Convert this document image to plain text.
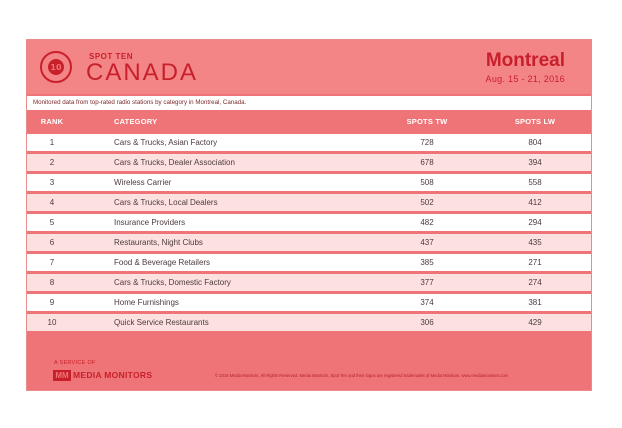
10
SPOT TEN
CANADA	Montreal
Aug. 15 - 21, 2016
Monitored data from top-rated radio stations by category in Montreal, Canada.
RANK	CATEGORY	SPOTS TW	SPOTS LW
1	Cars & Trucks, Asian Factory	728	804
2	Cars & Trucks, Dealer Association	678	394
3	Wireless Carrier	508	558
4	Cars & Trucks, Local Dealers	502	412
5	Insurance Providers	482	294
6	Restaurants, Night Clubs	437	435
7	Food & Beverage Retailers	385	271
8	Cars & Trucks, Domestic Factory	377	274
9	Home Furnishings	374	381
10	Quick Service Restaurants	306	429
A SERVICE OF
MM MEDIA MONITORS	© 2016 Media Monitors. All Rights Reserved. Media Monitors, Spot Ten and their logos are registered trademarks of Media Monitors. www.mediamonitors.com
